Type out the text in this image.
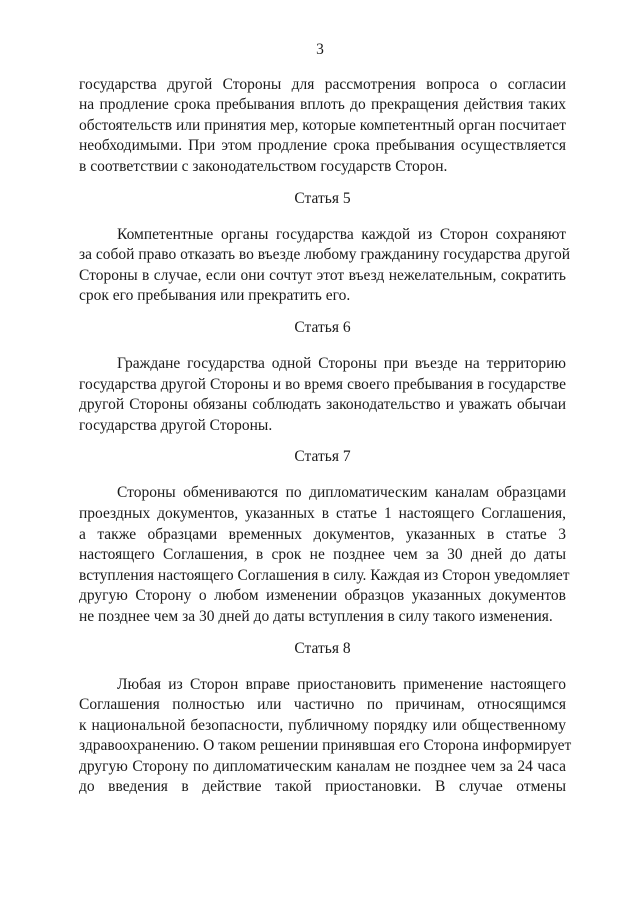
3
государства другой Стороны для рассмотрения вопроса о согласии
на продление срока пребывания вплоть до прекращения действия таких
обстоятельств или принятия мер, которые компетентный орган посчитает
необходимыми. При этом продление срока пребывания осуществляется
в соответствии с законодательством государств Сторон.
Статья 5
Компетентные органы государства каждой из Сторон сохраняют
за собой право отказать во въезде любому гражданину государства другой
Стороны в случае, если они сочтут этот въезд нежелательным, сократить
срок его пребывания или прекратить его.
Статья 6
Граждане государства одной Стороны при въезде на территорию
государства другой Стороны и во время своего пребывания в государстве
другой Стороны обязаны соблюдать законодательство и уважать обычаи
государства другой Стороны.
Статья 7
Стороны обмениваются по дипломатическим каналам образцами
проездных документов, указанных в статье 1 настоящего Соглашения,
а также образцами временных документов, указанных в статье 3
настоящего Соглашения, в срок не позднее чем за 30 дней до даты
вступления настоящего Соглашения в силу. Каждая из Сторон уведомляет
другую Сторону о любом изменении образцов указанных документов
не позднее чем за 30 дней до даты вступления в силу такого изменения.
Статья 8
Любая из Сторон вправе приостановить применение настоящего
Соглашения полностью или частично по причинам, относящимся
к национальной безопасности, публичному порядку или общественному
здравоохранению. О таком решении принявшая его Сторона информирует
другую Сторону по дипломатическим каналам не позднее чем за 24 часа
до введения в действие такой приостановки. В случае отмены
